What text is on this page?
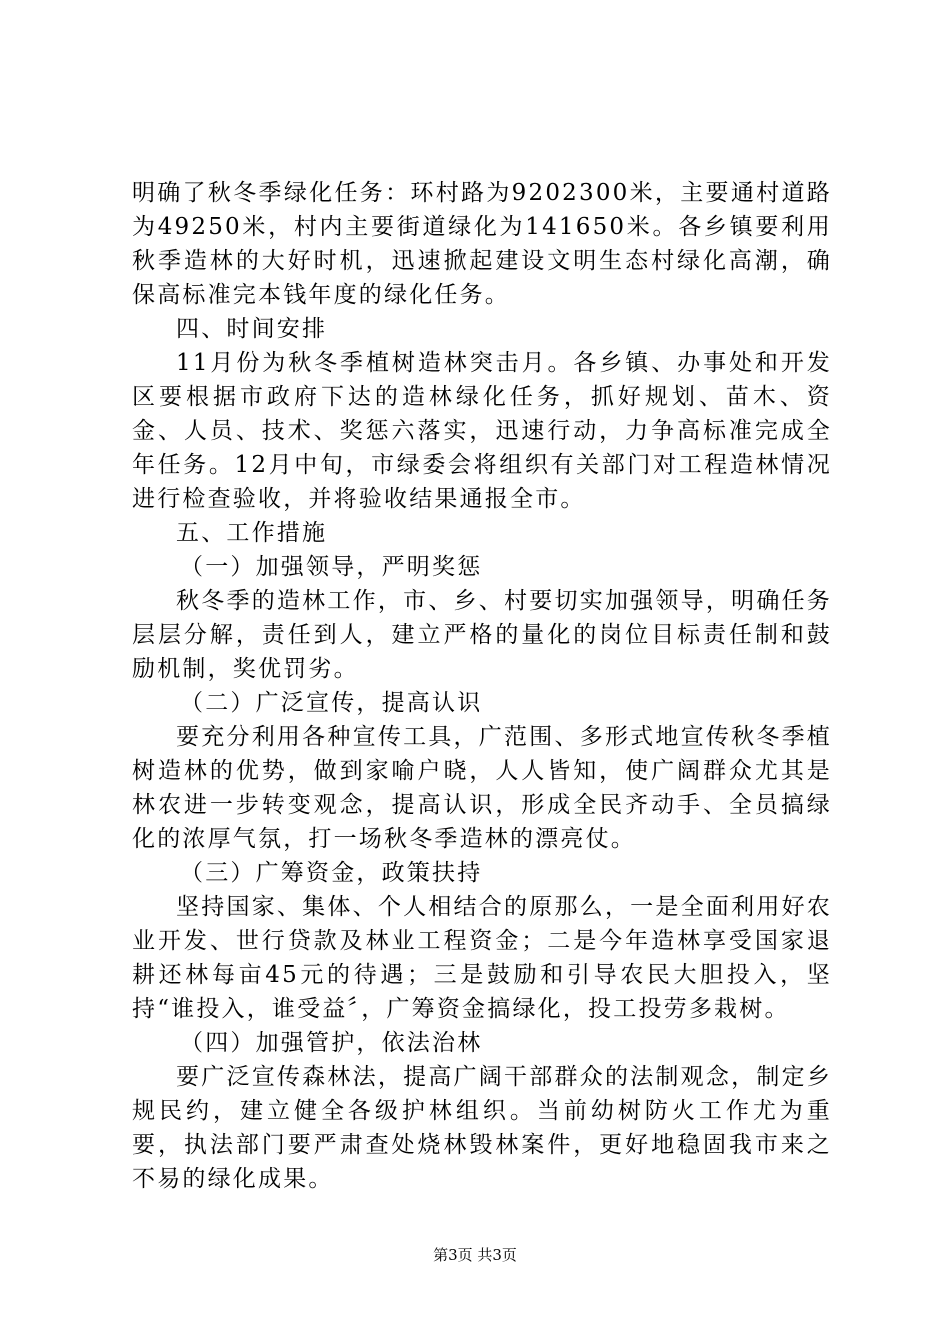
明确了秋冬季绿化任务：环村路为9202300米，主要通村道路为49250米，村内主要街道绿化为141650米。各乡镇要利用秋季造林的大好时机，迅速掀起建设文明生态村绿化高潮，确保高标准完本钱年度的绿化任务。

四、时间安排

11月份为秋冬季植树造林突击月。各乡镇、办事处和开发区要根据市政府下达的造林绿化任务，抓好规划、苗木、资金、人员、技术、奖惩六落实，迅速行动，力争高标准完成全年任务。12月中旬，市绿委会将组织有关部门对工程造林情况进行检查验收，并将验收结果通报全市。

五、工作措施

（一）加强领导，严明奖惩

秋冬季的造林工作，市、乡、村要切实加强领导，明确任务层层分解，责任到人，建立严格的量化的岗位目标责任制和鼓励机制，奖优罚劣。

（二）广泛宣传，提高认识

要充分利用各种宣传工具，广范围、多形式地宣传秋冬季植树造林的优势，做到家喻户晓，人人皆知，使广阔群众尤其是林农进一步转变观念，提高认识，形成全民齐动手、全员搞绿化的浓厚气氛，打一场秋冬季造林的漂亮仗。

（三）广筹资金，政策扶持

坚持国家、集体、个人相结合的原那么，一是全面利用好农业开发、世行贷款及林业工程资金；二是今年造林享受国家退耕还林每亩45元的待遇；三是鼓励和引导农民大胆投入，坚持“谁投入，谁受益〞，广筹资金搞绿化，投工投劳多栽树。

（四）加强管护，依法治林

要广泛宣传森林法，提高广阔干部群众的法制观念，制定乡规民约，建立健全各级护林组织。当前幼树防火工作尤为重要，执法部门要严肃查处烧林毁林案件，更好地稳固我市来之不易的绿化成果。

第3页 共3页
